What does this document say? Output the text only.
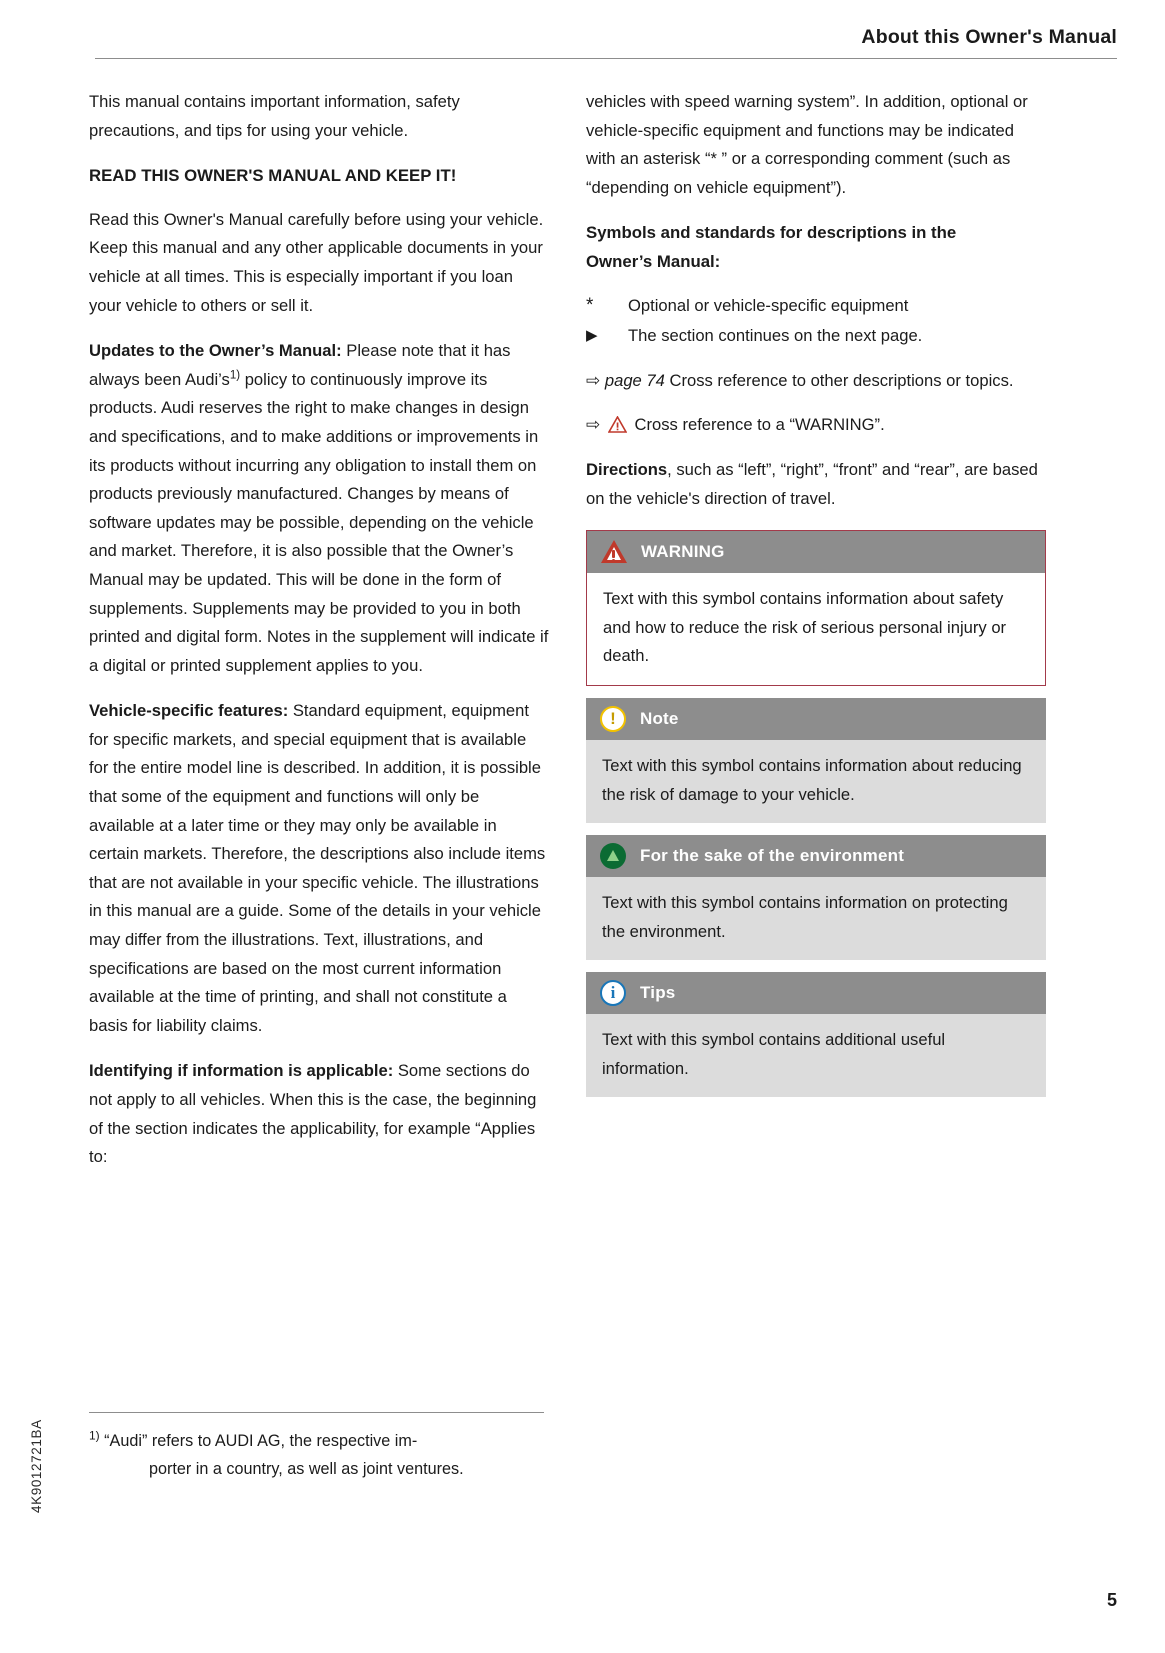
About this Owner's Manual
4K9012721BA
5

This manual contains important information, safety precautions, and tips for using your vehicle.

READ THIS OWNER'S MANUAL AND KEEP IT!

Read this Owner's Manual carefully before using your vehicle. Keep this manual and any other applicable documents in your vehicle at all times. This is especially important if you loan your vehicle to others or sell it.

Updates to the Owner’s Manual: Please note that it has always been $Audi’s^{1)}$ policy to continuously improve its products. Audi reserves the right to make changes in design and specifications, and to make additions or improvements in its products without incurring any obligation to install them on products previously manufactured. Changes by means of software updates may be possible, depending on the vehicle and market. Therefore, it is also possible that the Owner’s Manual may be updated. This will be done in the form of supplements. Supplements may be provided to you in both printed and digital form. Notes in the supplement will indicate if a digital or printed supplement applies to you.

Vehicle-specific features: Standard equipment, equipment for specific markets, and special equipment that is available for the entire model line is described. In addition, it is possible that some of the equipment and functions will only be available at a later time or they may only be available in certain markets. Therefore, the descriptions also include items that are not available in your specific vehicle. The illustrations in this manual are a guide. Some of the details in your vehicle may differ from the illustrations. Text, illustrations, and specifications are based on the most current information available at the time of printing, and shall not constitute a basis for liability claims.

Identifying if information is applicable: Some sections do not apply to all vehicles. When this is the case, the beginning of the section indicates the applicability, for example “Applies to:

$^{1)}$ “Audi” refers to AUDI AG, the respective im-
porter in a country, as well as joint ventures.

vehicles with speed warning system”. In addition, optional or vehicle-specific equipment and functions may be indicated with an asterisk “* ” or a corresponding comment (such as “depending on vehicle equipment”).

Symbols and standards for descriptions in the
Owner’s Manual:
*	Optional or vehicle-specific equipment
▶	The section continues on the next page.
⇨ page 74 Cross reference to other descriptions or topics.
⇨ Cross reference to a “WARNING”.

Directions, such as “left”, “right”, “front” and “rear”, are based on the vehicle's direction of travel.

WARNING
Text with this symbol contains information about safety and how to reduce the risk of serious personal injury or death.
!	Note
Text with this symbol contains information about reducing the risk of damage to your vehicle.
For the sake of the environment
Text with this symbol contains information on protecting the environment.
i	Tips
Text with this symbol contains additional useful information.
